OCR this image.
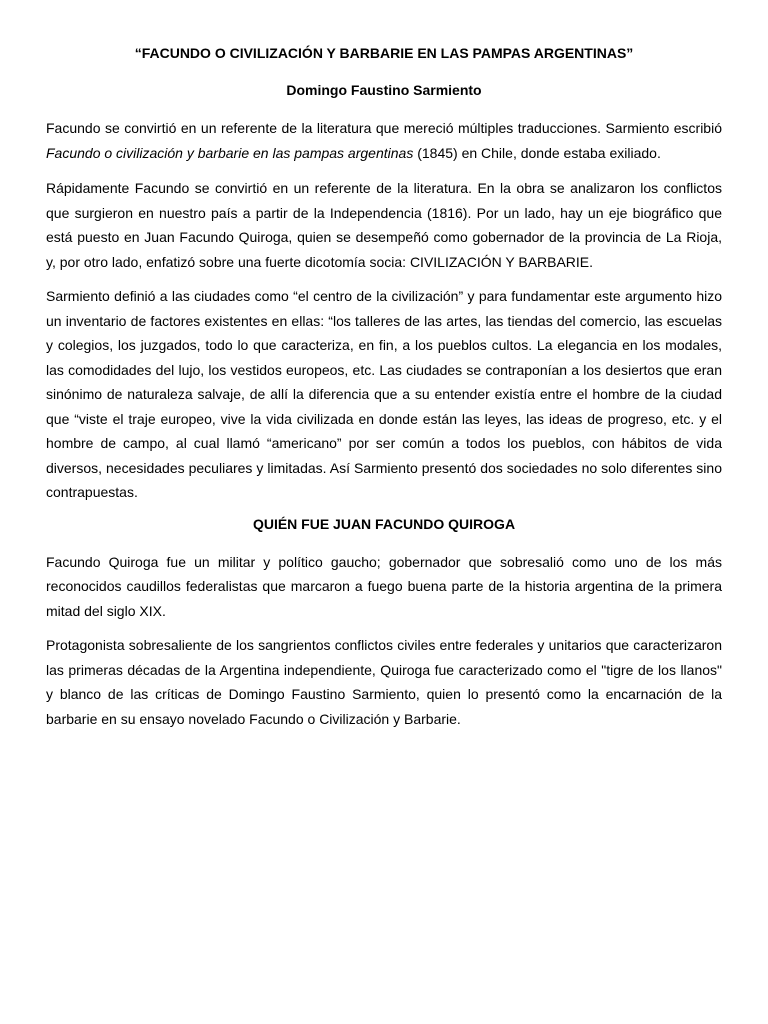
“FACUNDO O CIVILIZACIÓN Y BARBARIE EN LAS PAMPAS ARGENTINAS”

Domingo Faustino Sarmiento

Facundo se convirtió en un referente de la literatura que mereció múltiples traducciones. Sarmiento escribió Facundo o civilización y barbarie en las pampas argentinas (1845) en Chile, donde estaba exiliado.

Rápidamente Facundo se convirtió en un referente de la literatura. En la obra se analizaron los conflictos que surgieron en nuestro país a partir de la Independencia (1816). Por un lado, hay un eje biográfico que está puesto en Juan Facundo Quiroga, quien se desempeñó como gobernador de la provincia de La Rioja, y, por otro lado, enfatizó sobre una fuerte dicotomía socia: CIVILIZACIÓN Y BARBARIE.

Sarmiento definió a las ciudades como “el centro de la civilización” y para fundamentar este argumento hizo un inventario de factores existentes en ellas: “los talleres de las artes, las tiendas del comercio, las escuelas y colegios, los juzgados, todo lo que caracteriza, en fin, a los pueblos cultos. La elegancia en los modales, las comodidades del lujo, los vestidos europeos, etc. Las ciudades se contraponían a los desiertos que eran sinónimo de naturaleza salvaje, de allí la diferencia que a su entender existía entre el hombre de la ciudad que “viste el traje europeo, vive la vida civilizada en donde están las leyes, las ideas de progreso, etc. y el hombre de campo, al cual llamó “americano” por ser común a todos los pueblos, con hábitos de vida diversos, necesidades peculiares y limitadas. Así Sarmiento presentó dos sociedades no solo diferentes sino contrapuestas.

QUIÉN FUE JUAN FACUNDO QUIROGA

Facundo Quiroga fue un militar y político gaucho; gobernador que sobresalió como uno de los más reconocidos caudillos federalistas que marcaron a fuego buena parte de la historia argentina de la primera mitad del siglo XIX.

Protagonista sobresaliente de los sangrientos conflictos civiles entre federales y unitarios que caracterizaron las primeras décadas de la Argentina independiente, Quiroga fue caracterizado como el "tigre de los llanos" y blanco de las críticas de Domingo Faustino Sarmiento, quien lo presentó como la encarnación de la barbarie en su ensayo novelado Facundo o Civilización y Barbarie.
